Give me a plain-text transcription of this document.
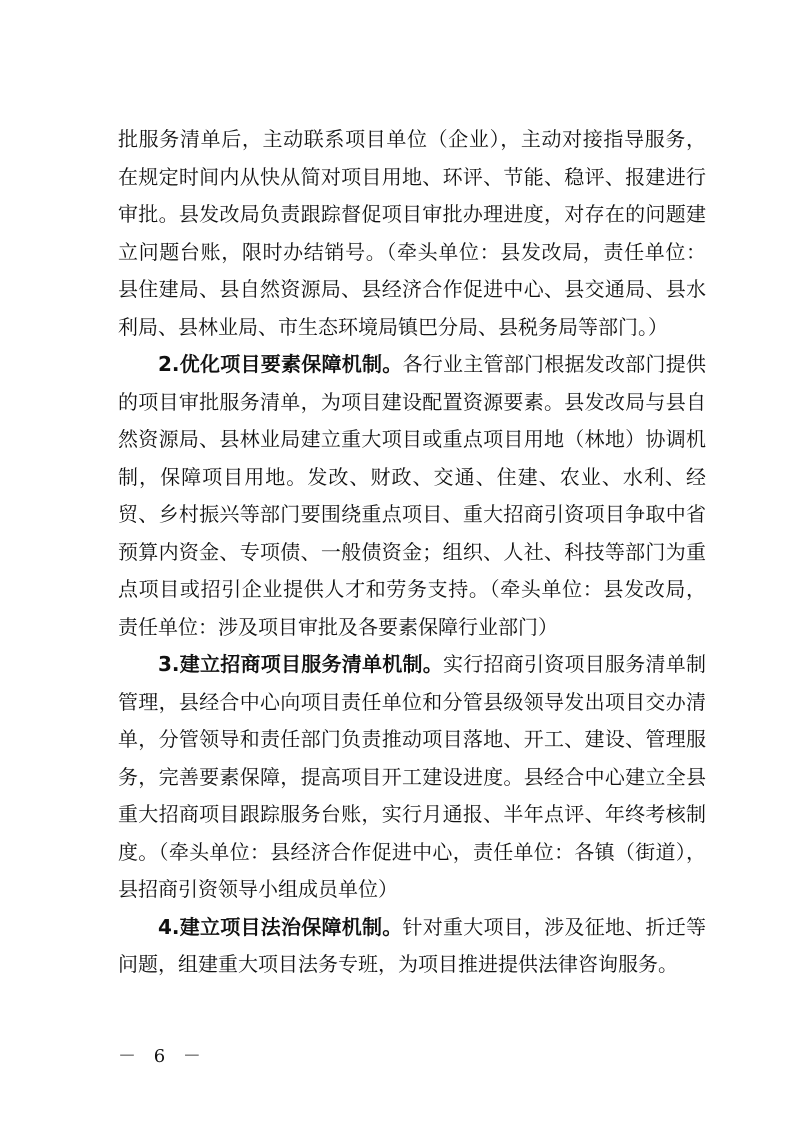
批服务清单后，主动联系项目单位（企业），主动对接指导服务，在规定时间内从快从简对项目用地、环评、节能、稳评、报建进行审批。县发改局负责跟踪督促项目审批办理进度，对存在的问题建立问题台账，限时办结销号。（牵头单位：县发改局，责任单位：县住建局、县自然资源局、县经济合作促进中心、县交通局、县水利局、县林业局、市生态环境局镇巴分局、县税务局等部门。）

2.优化项目要素保障机制。各行业主管部门根据发改部门提供的项目审批服务清单，为项目建设配置资源要素。县发改局与县自然资源局、县林业局建立重大项目或重点项目用地（林地）协调机制，保障项目用地。发改、财政、交通、住建、农业、水利、经贸、乡村振兴等部门要围绕重点项目、重大招商引资项目争取中省预算内资金、专项债、一般债资金；组织、人社、科技等部门为重点项目或招引企业提供人才和劳务支持。（牵头单位：县发改局，责任单位：涉及项目审批及各要素保障行业部门）

3.建立招商项目服务清单机制。实行招商引资项目服务清单制管理，县经合中心向项目责任单位和分管县级领导发出项目交办清单，分管领导和责任部门负责推动项目落地、开工、建设、管理服务，完善要素保障，提高项目开工建设进度。县经合中心建立全县重大招商项目跟踪服务台账，实行月通报、半年点评、年终考核制度。（牵头单位：县经济合作促进中心，责任单位：各镇（街道），县招商引资领导小组成员单位）

4.建立项目法治保障机制。针对重大项目，涉及征地、折迁等问题，组建重大项目法务专班，为项目推进提供法律咨询服务。

－ 6 －
